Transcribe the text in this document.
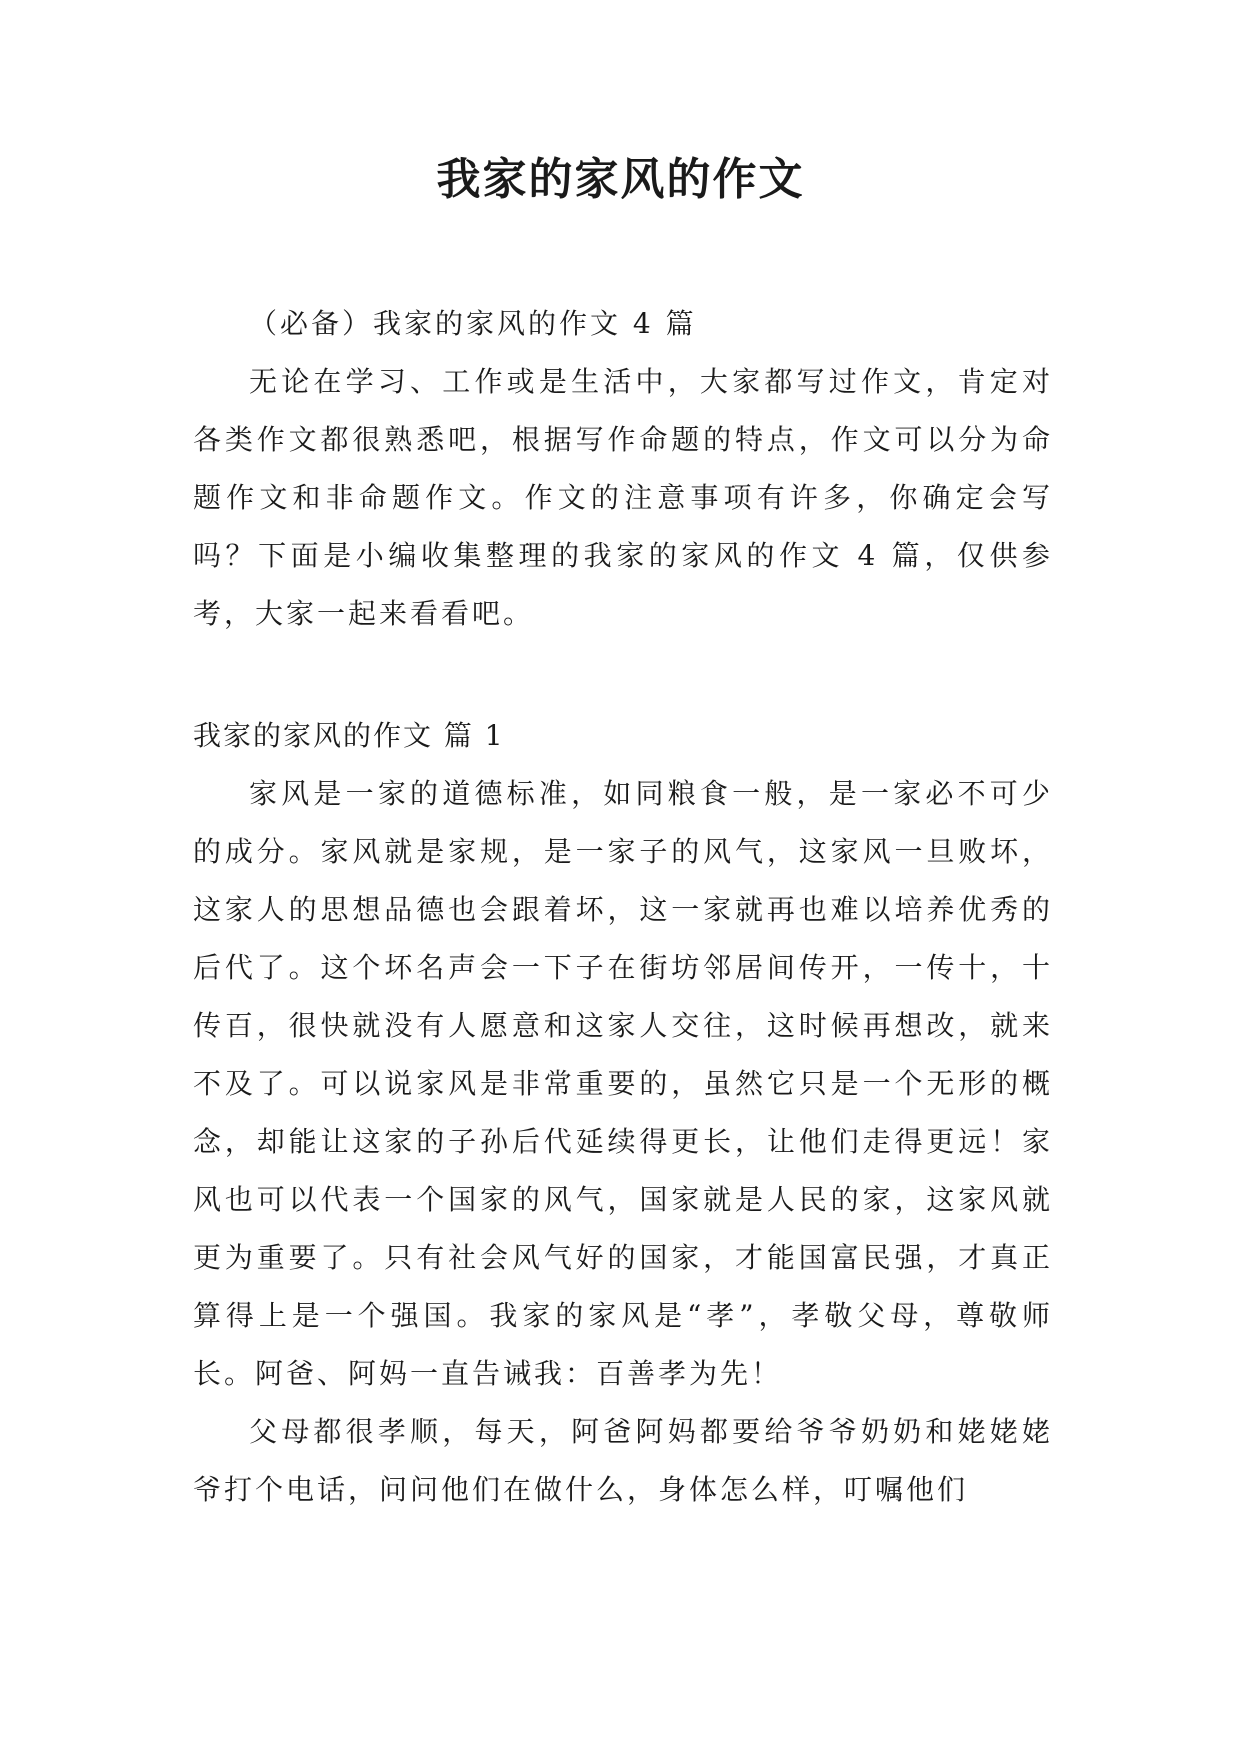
我家的家风的作文

（必备）我家的家风的作文 4 篇

无论在学习、工作或是生活中，大家都写过作文，肯定对各类作文都很熟悉吧，根据写作命题的特点，作文可以分为命题作文和非命题作文。作文的注意事项有许多，你确定会写吗？下面是小编收集整理的我家的家风的作文 4 篇，仅供参考，大家一起来看看吧。

我家的家风的作文 篇 1

家风是一家的道德标准，如同粮食一般，是一家必不可少的成分。家风就是家规，是一家子的风气，这家风一旦败坏，这家人的思想品德也会跟着坏，这一家就再也难以培养优秀的后代了。这个坏名声会一下子在街坊邻居间传开，一传十，十传百，很快就没有人愿意和这家人交往，这时候再想改，就来不及了。可以说家风是非常重要的，虽然它只是一个无形的概念，却能让这家的子孙后代延续得更长，让他们走得更远！家风也可以代表一个国家的风气，国家就是人民的家，这家风就更为重要了。只有社会风气好的国家，才能国富民强，才真正算得上是一个强国。我家的家风是“孝”，孝敬父母，尊敬师长。阿爸、阿妈一直告诫我：百善孝为先！

父母都很孝顺，每天，阿爸阿妈都要给爷爷奶奶和姥姥姥爷打个电话，问问他们在做什么，身体怎么样，叮嘱他们
